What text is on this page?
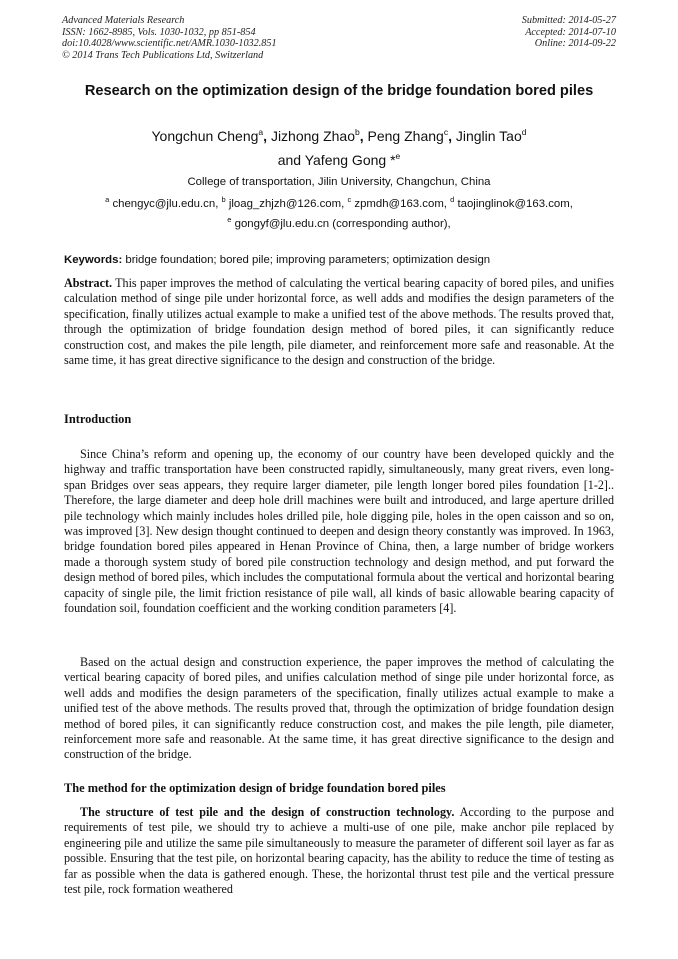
Advanced Materials Research
ISSN: 1662-8985, Vols. 1030-1032, pp 851-854
doi:10.4028/www.scientific.net/AMR.1030-1032.851
© 2014 Trans Tech Publications Ltd, Switzerland
Submitted: 2014-05-27
Accepted: 2014-07-10
Online: 2014-09-22
Research on the optimization design of the bridge foundation bored piles
Yongchun Cheng$^a$, Jizhong Zhao$^b$, Peng Zhang$^c$, Jinglin Tao$^d$
and Yafeng Gong *$^e$
College of transportation, Jilin University, Changchun, China
$^a$ chengyc@jlu.edu.cn, $^b$ jloag_zhjzh@126.com, $^c$ zpmdh@163.com, $^d$ taojinglinok@163.com,
$^e$ gongyf@jlu.edu.cn (corresponding author),
Keywords: bridge foundation; bored pile; improving parameters; optimization design
Abstract. This paper improves the method of calculating the vertical bearing capacity of bored piles, and unifies calculation method of singe pile under horizontal force, as well adds and modifies the design parameters of the specification, finally utilizes actual example to make a unified test of the above methods. The results proved that, through the optimization of bridge foundation design method of bored piles, it can significantly reduce construction cost, and makes the pile length, pile diameter, and reinforcement more safe and reasonable. At the same time, it has great directive significance to the design and construction of the bridge.
Introduction
Since China’s reform and opening up, the economy of our country have been developed quickly and the highway and traffic transportation have been constructed rapidly, simultaneously, many great rivers, even long-span Bridges over seas appears, they require larger diameter, pile length longer bored piles foundation [1-2].. Therefore, the large diameter and deep hole drill machines were built and introduced, and large aperture drilled pile technology which mainly includes holes drilled pile, hole digging pile, holes in the open caisson and so on, was improved [3]. New design thought continued to deepen and design theory constantly was improved. In 1963, bridge foundation bored piles appeared in Henan Province of China, then, a large number of bridge workers made a thorough system study of bored pile construction technology and design method, and put forward the design method of bored piles, which includes the computational formula about the vertical and horizontal bearing capacity of single pile, the limit friction resistance of pile wall, all kinds of basic allowable bearing capacity of foundation soil, foundation coefficient and the working condition parameters [4].
Based on the actual design and construction experience, the paper improves the method of calculating the vertical bearing capacity of bored piles, and unifies calculation method of singe pile under horizontal force, as well adds and modifies the design parameters of the specification, finally utilizes actual example to make a unified test of the above methods. The results proved that, through the optimization of bridge foundation design method of bored piles, it can significantly reduce construction cost, and makes the pile length, pile diameter, reinforcement more safe and reasonable. At the same time, it has great directive significance to the design and construction of the bridge.
The method for the optimization design of bridge foundation bored piles
The structure of test pile and the design of construction technology. According to the purpose and requirements of test pile, we should try to achieve a multi-use of one pile, make anchor pile replaced by engineering pile and utilize the same pile simultaneously to measure the parameter of different soil layer as far as possible. Ensuring that the test pile, on horizontal bearing capacity, has the ability to reduce the time of testing as far as possible when the data is gathered enough. These, the horizontal thrust test pile and the vertical pressure test pile, rock formation weathered
